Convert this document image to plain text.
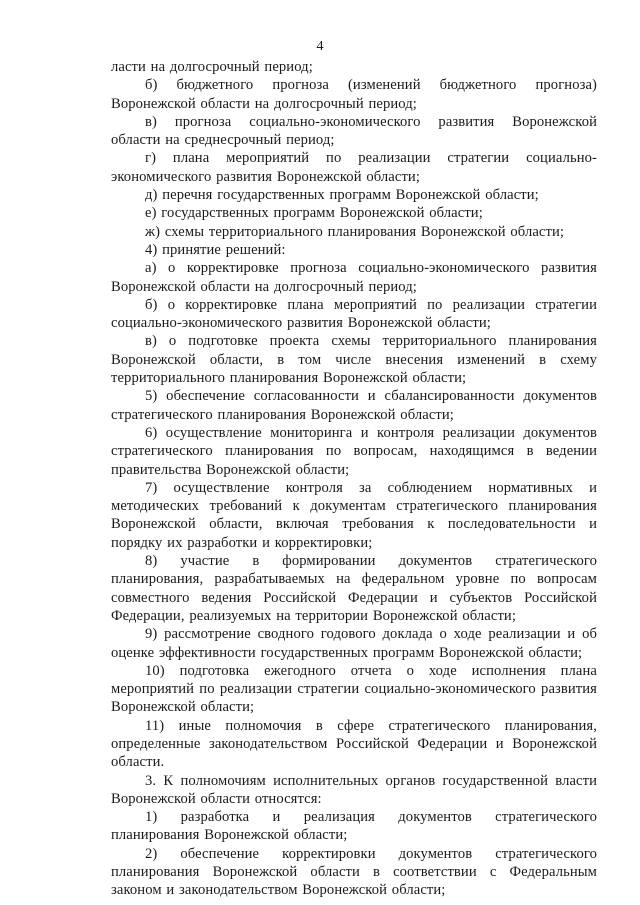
4

ласти на долгосрочный период;

б) бюджетного прогноза (изменений бюджетного прогноза) Воронежской области на долгосрочный период;

в) прогноза социально-экономического развития Воронежской области на среднесрочный период;

г) плана мероприятий по реализации стратегии социально-экономического развития Воронежской области;

д) перечня государственных программ Воронежской области;

е) государственных программ Воронежской области;

ж) схемы территориального планирования Воронежской области;

4) принятие решений:

а) о корректировке прогноза социально-экономического развития Воронежской области на долгосрочный период;

б) о корректировке плана мероприятий по реализации стратегии социально-экономического развития Воронежской области;

в) о подготовке проекта схемы территориального планирования Воронежской области, в том числе внесения изменений в схему территориального планирования Воронежской области;

5) обеспечение согласованности и сбалансированности документов стратегического планирования Воронежской области;

6) осуществление мониторинга и контроля реализации документов стратегического планирования по вопросам, находящимся в ведении правительства Воронежской области;

7) осуществление контроля за соблюдением нормативных и методических требований к документам стратегического планирования Воронежской области, включая требования к последовательности и порядку их разработки и корректировки;

8) участие в формировании документов стратегического планирования, разрабатываемых на федеральном уровне по вопросам совместного ведения Российской Федерации и субъектов Российской Федерации, реализуемых на территории Воронежской области;

9) рассмотрение сводного годового доклада о ходе реализации и об оценке эффективности государственных программ Воронежской области;

10) подготовка ежегодного отчета о ходе исполнения плана мероприятий по реализации стратегии социально-экономического развития Воронежской области;

11) иные полномочия в сфере стратегического планирования, определенные законодательством Российской Федерации и Воронежской области.

3. К полномочиям исполнительных органов государственной власти Воронежской области относятся:

1) разработка и реализация документов стратегического планирования Воронежской области;

2) обеспечение корректировки документов стратегического планирования Воронежской области в соответствии с Федеральным законом и законодательством Воронежской области;
